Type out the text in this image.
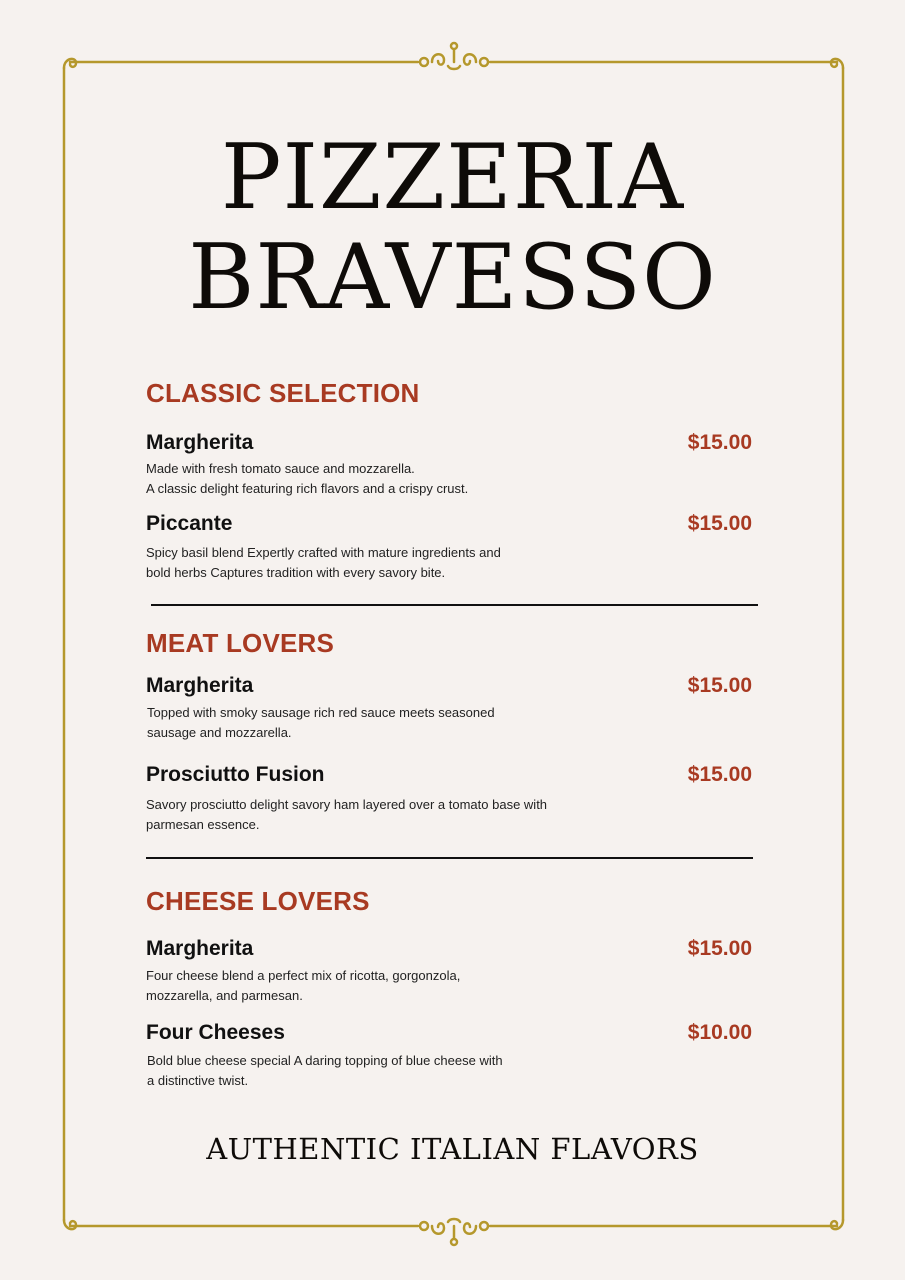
PIZZERIA
BRAVESSO
CLASSIC SELECTION
Margherita	$15.00
Made with fresh tomato sauce and mozzarella.
A classic delight featuring rich flavors and a crispy crust.
Piccante	$15.00
Spicy basil blend Expertly crafted with mature ingredients and
bold herbs Captures tradition with every savory bite.
MEAT LOVERS
Margherita	$15.00
Topped with smoky sausage rich red sauce meets seasoned
sausage and mozzarella.
Prosciutto Fusion	$15.00
Savory prosciutto delight savory ham layered over a tomato base with
parmesan essence.
CHEESE LOVERS
Margherita	$15.00
Four cheese blend a perfect mix of ricotta, gorgonzola,
mozzarella, and parmesan.
Four Cheeses	$10.00
Bold blue cheese special A daring topping of blue cheese with
a distinctive twist.
AUTHENTIC ITALIAN FLAVORS
